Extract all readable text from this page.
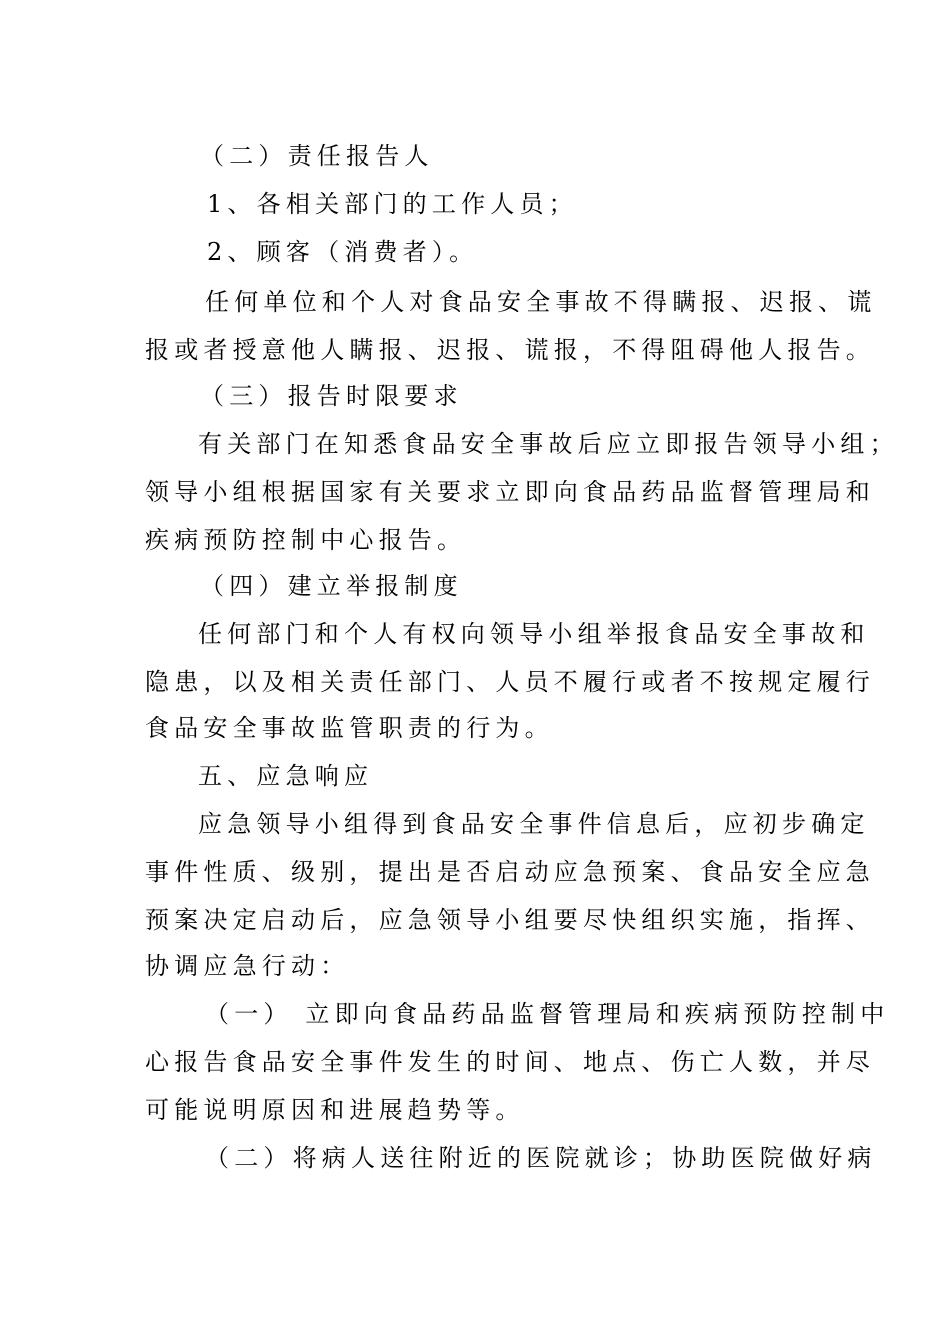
（二）责任报告人
1、各相关部门的工作人员；
2、顾客（消费者）。
任何单位和个人对食品安全事故不得瞒报、迟报、谎
报或者授意他人瞒报、迟报、谎报，不得阻碍他人报告。
（三）报告时限要求
有关部门在知悉食品安全事故后应立即报告领导小组；
领导小组根据国家有关要求立即向食品药品监督管理局和
疾病预防控制中心报告。
（四）建立举报制度
任何部门和个人有权向领导小组举报食品安全事故和
隐患，以及相关责任部门、人员不履行或者不按规定履行
食品安全事故监管职责的行为。
五、应急响应
应急领导小组得到食品安全事件信息后，应初步确定
事件性质、级别，提出是否启动应急预案、食品安全应急
预案决定启动后，应急领导小组要尽快组织实施，指挥、
协调应急行动：
（一） 立即向食品药品监督管理局和疾病预防控制中
心报告食品安全事件发生的时间、地点、伤亡人数，并尽
可能说明原因和进展趋势等。
（二）将病人送往附近的医院就诊；协助医院做好病
